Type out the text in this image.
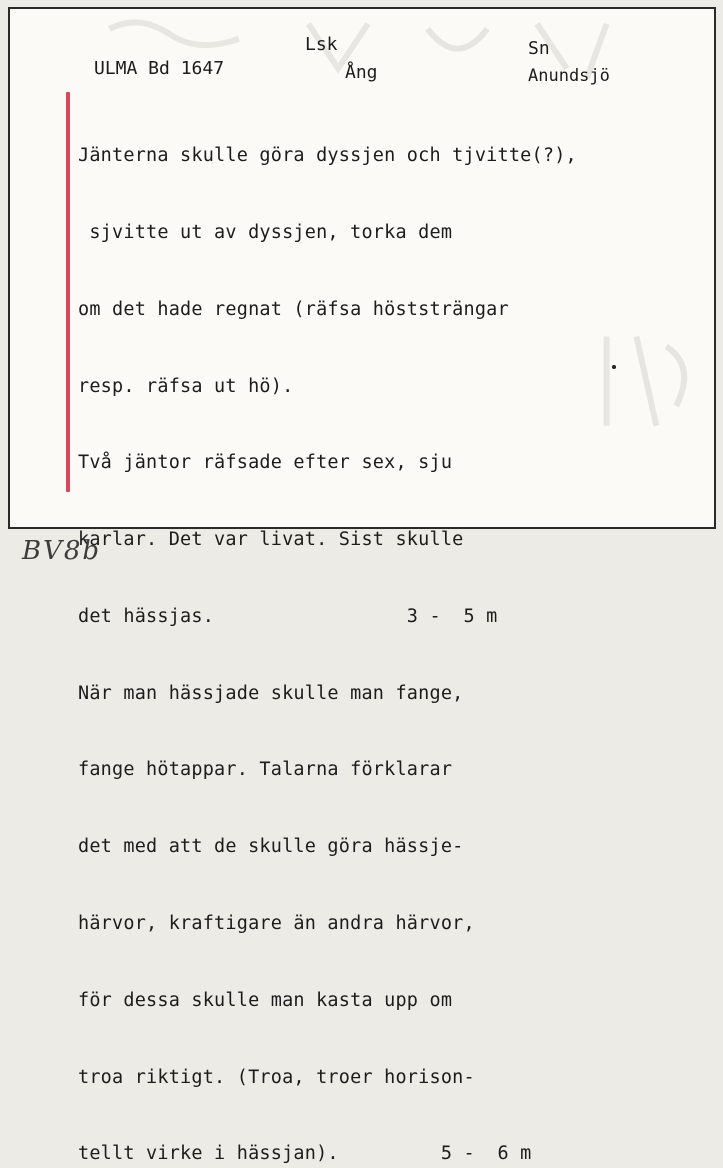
ULMA Bd 1647
Lsk
Ång
Sn
Anundsjö

Jänterna skulle göra dyssjen och tjvitte(?),

sjvitte ut av dyssjen, torka dem

om det hade regnat (räfsa höststrängar

resp. räfsa ut hö).

Två jäntor räfsade efter sex, sju

karlar. Det var livat. Sist skulle

det hässjas.                 3 -  5 m

När man hässjade skulle man fange,

fange hötappar. Talarna förklarar

det med att de skulle göra hässje-

härvor, kraftigare än andra härvor,

för dessa skulle man kasta upp om

troa riktigt. (Troa, troer horison-

tellt virke i hässjan).         5 -  6 m

BV8b
